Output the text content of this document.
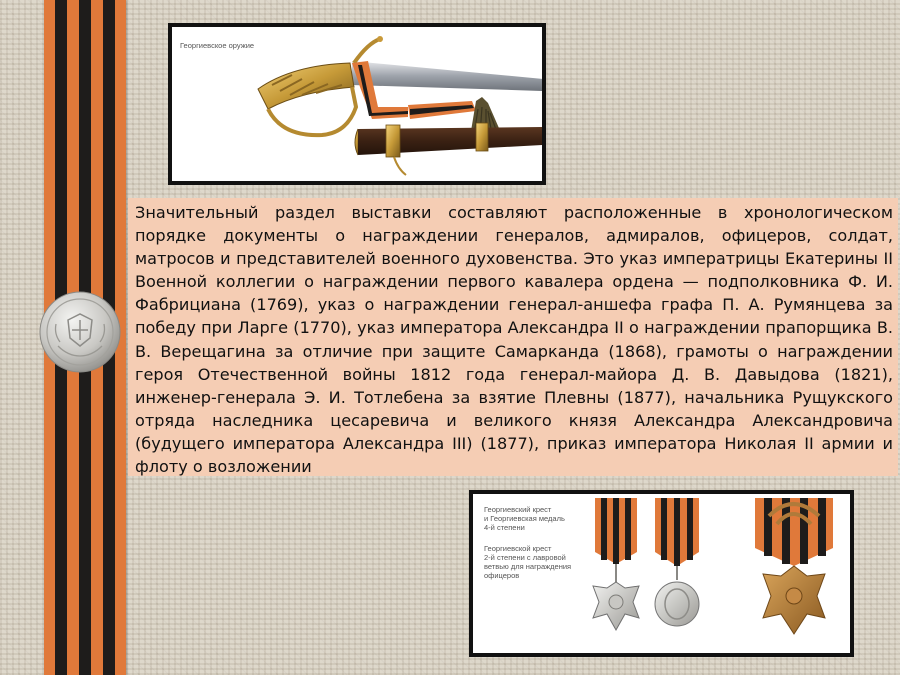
Георгиевское оружие

Значительный раздел выставки составляют расположенные в хронологическом порядке документы о награждении генералов, адмиралов, офицеров, солдат, матросов и представителей военного духовенства. Это указ императрицы Екатерины II Военной коллегии о награждении первого кавалера ордена — подполковника Ф. И. Фабрициана (1769), указ о награждении генерал-аншефа графа П. А. Румянцева за победу при Ларге (1770), указ императора Александра II о награждении прапорщика В. В. Верещагина за отличие при защите Самарканда (1868), грамоты о награждении героя Отечественной войны 1812 года генерал-майора Д. В. Давыдова (1821), инженер-генерала Э. И. Тотлебена за взятие Плевны (1877), начальника Рущукского отряда наследника цесаревича и великого князя Александра Александровича (будущего императора Александра III) (1877), приказ императора Николая II армии и флоту о возложении

Георгиевский крест
и Георгиевская медаль
4-й степени
Георгиевской крест
2-й степени с лавровой
ветвью для награждения
офицеров
